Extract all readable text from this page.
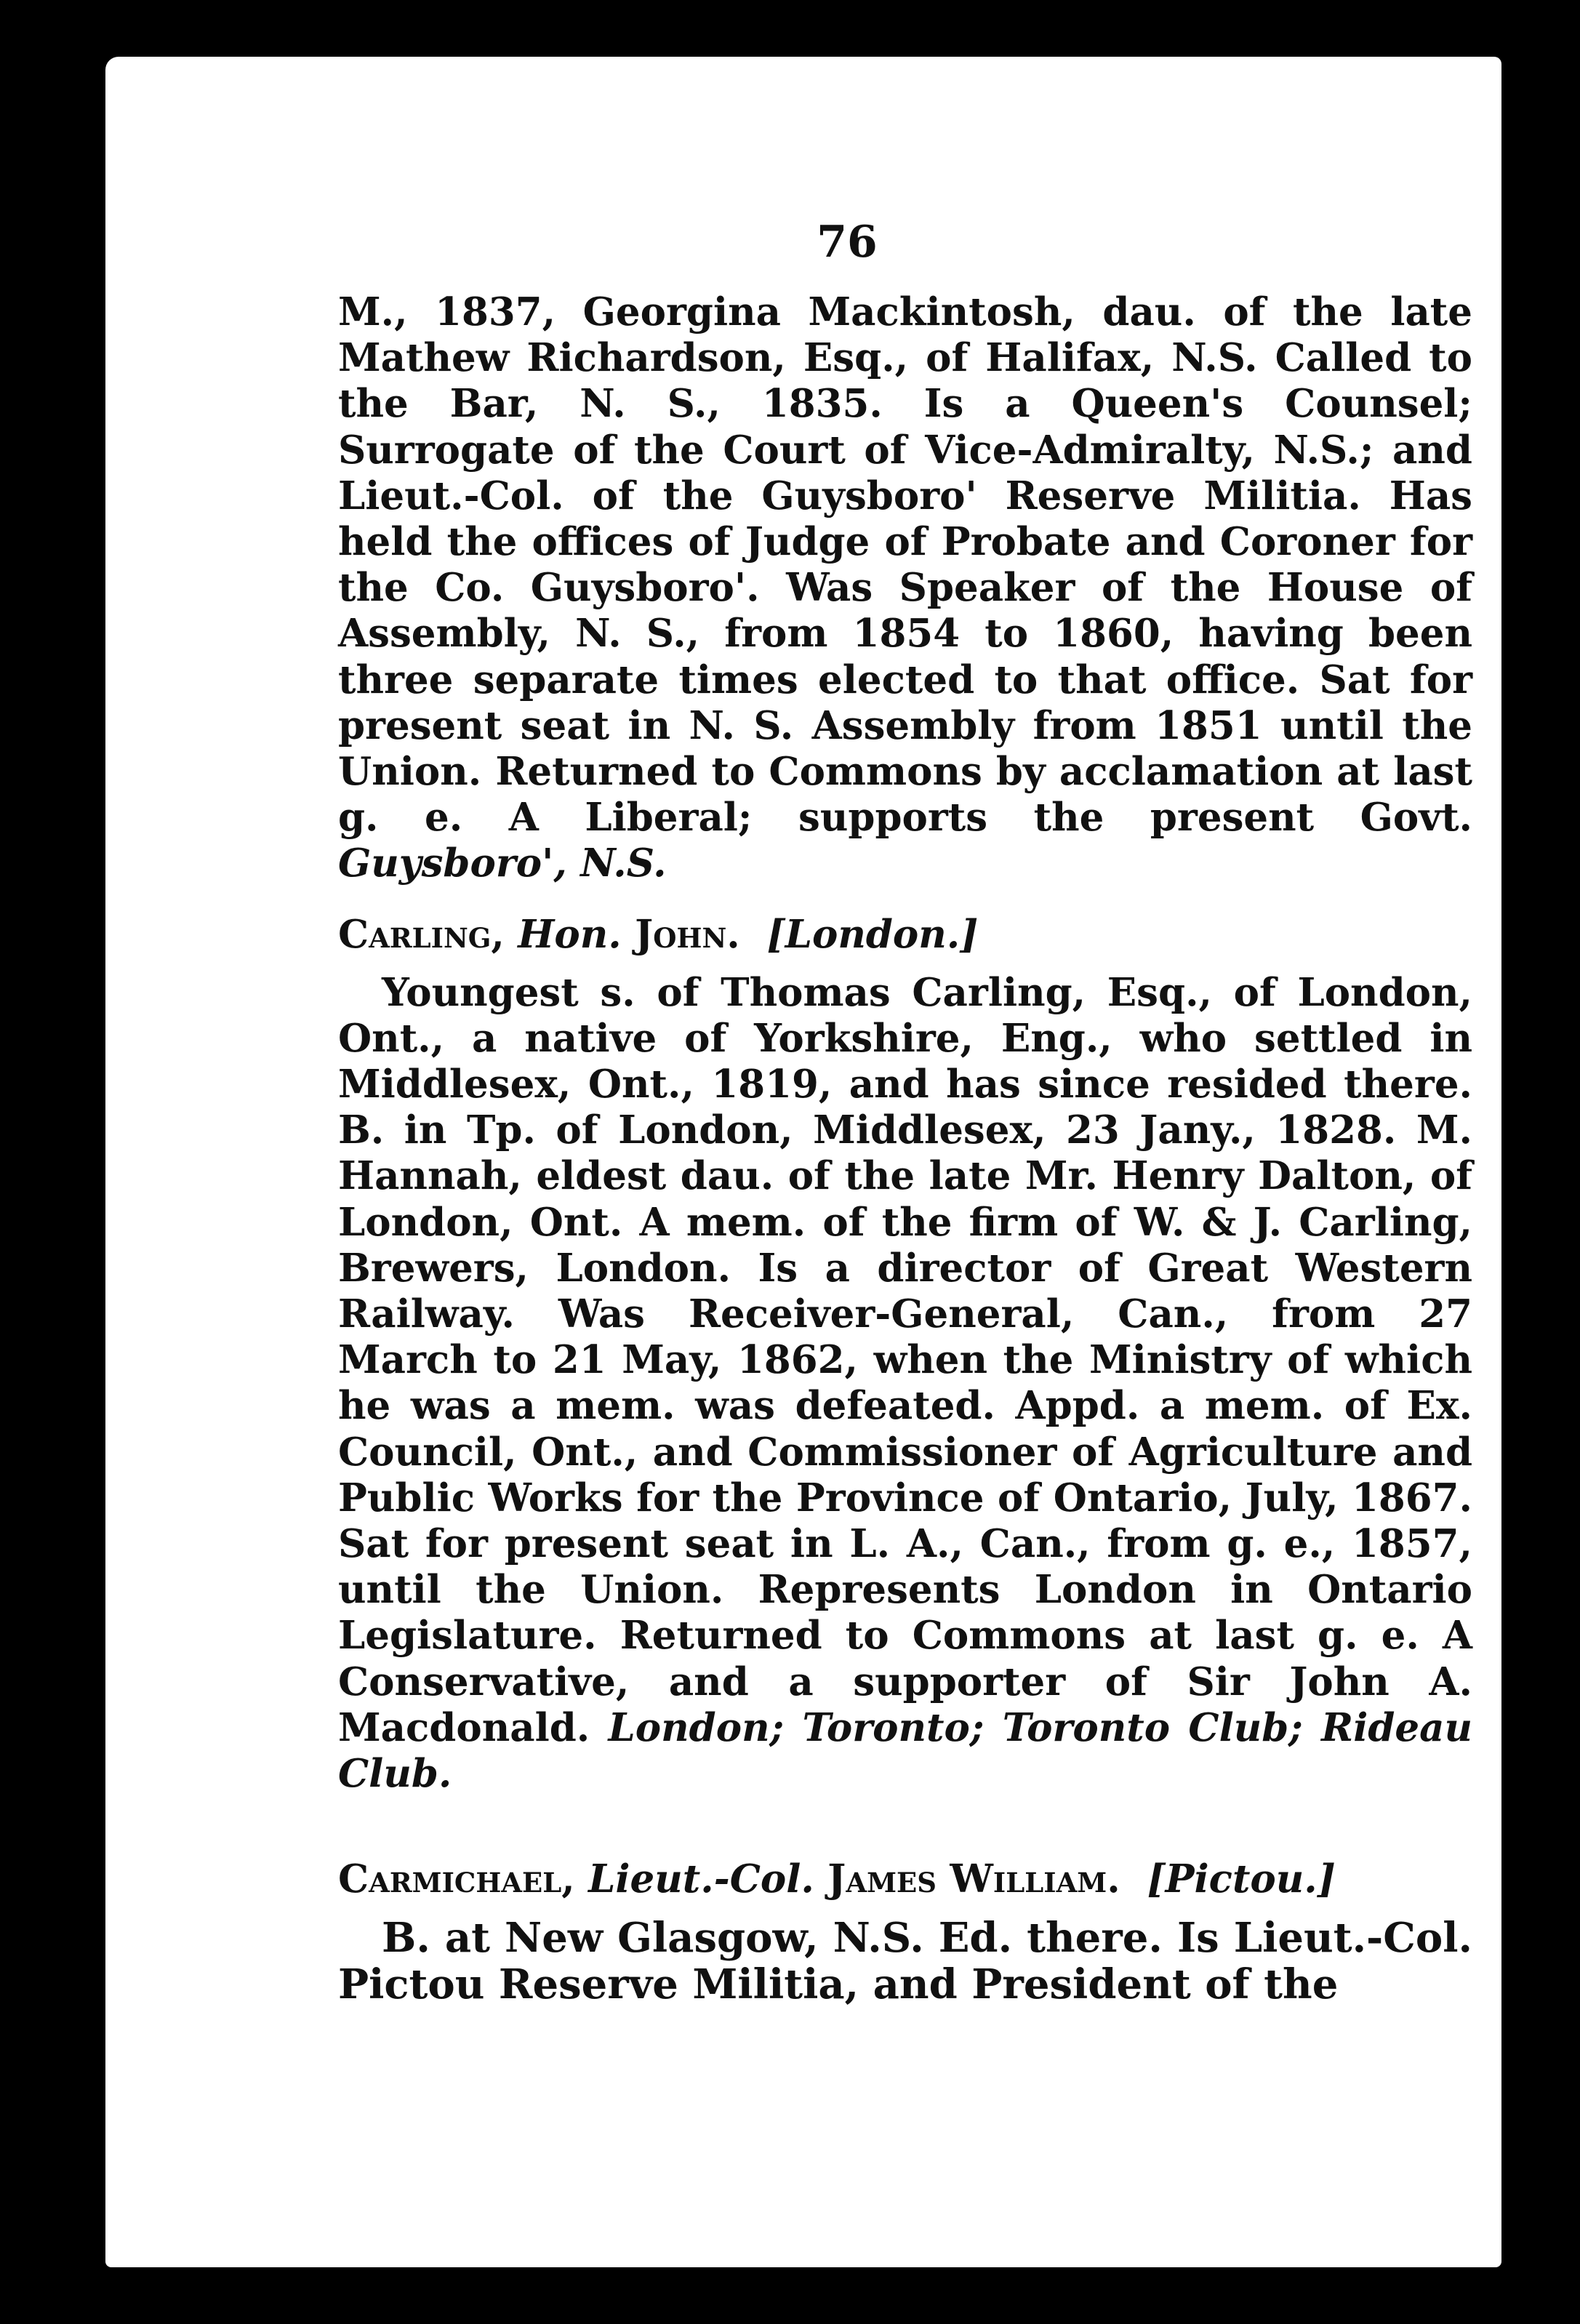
76

M., 1837, Georgina Mackintosh, dau. of the late Mathew Richardson, Esq., of Halifax, N.S. Called to the Bar, N. S., 1835. Is a Queen's Counsel; Surrogate of the Court of Vice-Admiralty, N.S.; and Lieut.-Col. of the Guysboro' Reserve Militia. Has held the offices of Judge of Probate and Coroner for the Co. Guysboro'. Was Speaker of the House of Assembly, N. S., from 1854 to 1860, having been three separate times elected to that office. Sat for present seat in N. S. Assembly from 1851 until the Union. Returned to Commons by acclamation at last g. e. A Liberal; supports the present Govt. Guysboro', N.S.

Carling, Hon. John. [London.]

Youngest s. of Thomas Carling, Esq., of London, Ont., a native of Yorkshire, Eng., who settled in Middlesex, Ont., 1819, and has since resided there. B. in Tp. of London, Middlesex, 23 Jany., 1828. M. Hannah, eldest dau. of the late Mr. Henry Dalton, of London, Ont. A mem. of the firm of W. & J. Carling, Brewers, London. Is a director of Great Western Railway. Was Receiver-General, Can., from 27 March to 21 May, 1862, when the Ministry of which he was a mem. was defeated. Appd. a mem. of Ex. Council, Ont., and Commissioner of Agriculture and Public Works for the Province of Ontario, July, 1867. Sat for present seat in L. A., Can., from g. e., 1857, until the Union. Represents London in Ontario Legislature. Returned to Commons at last g. e. A Conservative, and a supporter of Sir John A. Macdonald. London; Toronto; Toronto Club; Rideau Club.

Carmichael, Lieut.-Col. James William. [Pictou.]

B. at New Glasgow, N.S. Ed. there. Is Lieut.-Col. Pictou Reserve Militia, and President of the
